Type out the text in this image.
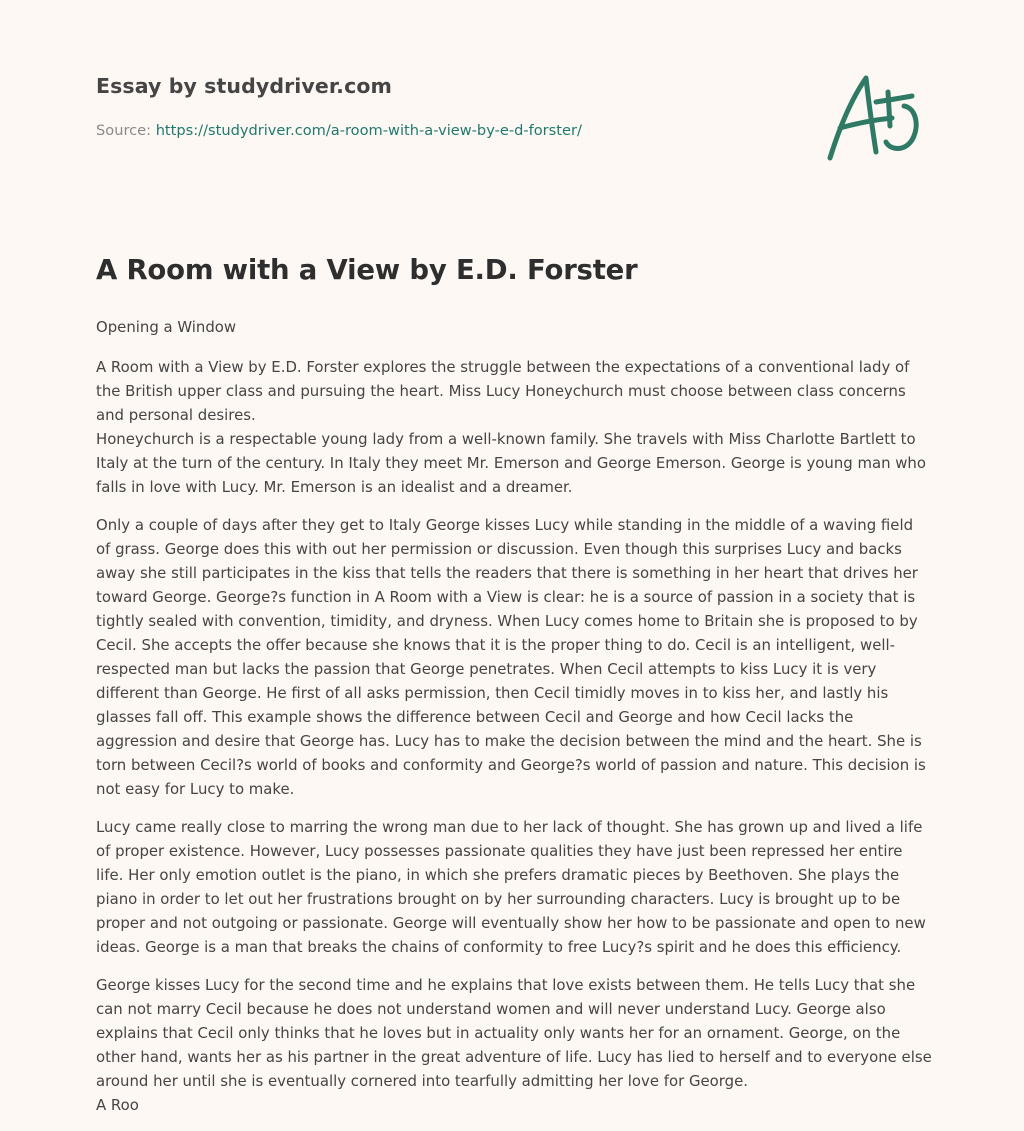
Essay by studydriver.com
Source: https://studydriver.com/a-room-with-a-view-by-e-d-forster/
A Room with a View by E.D. Forster

Opening a Window

A Room with a View by E.D. Forster explores the struggle between the expectations of a conventional lady of the British upper class and pursuing the heart. Miss Lucy Honeychurch must choose between class concerns and personal desires.
Honeychurch is a respectable young lady from a well-known family. She travels with Miss Charlotte Bartlett to Italy at the turn of the century. In Italy they meet Mr. Emerson and George Emerson. George is young man who falls in love with Lucy. Mr. Emerson is an idealist and a dreamer.

Only a couple of days after they get to Italy George kisses Lucy while standing in the middle of a waving field of grass. George does this with out her permission or discussion. Even though this surprises Lucy and backs away she still participates in the kiss that tells the readers that there is something in her heart that drives her toward George. George?s function in A Room with a View is clear: he is a source of passion in a society that is tightly sealed with convention, timidity, and dryness. When Lucy comes home to Britain she is proposed to by Cecil. She accepts the offer because she knows that it is the proper thing to do. Cecil is an intelligent, well-respected man but lacks the passion that George penetrates. When Cecil attempts to kiss Lucy it is very different than George. He first of all asks permission, then Cecil timidly moves in to kiss her, and lastly his glasses fall off. This example shows the difference between Cecil and George and how Cecil lacks the aggression and desire that George has. Lucy has to make the decision between the mind and the heart. She is torn between Cecil?s world of books and conformity and George?s world of passion and nature. This decision is not easy for Lucy to make.

Lucy came really close to marring the wrong man due to her lack of thought. She has grown up and lived a life of proper existence. However, Lucy possesses passionate qualities they have just been repressed her entire life. Her only emotion outlet is the piano, in which she prefers dramatic pieces by Beethoven. She plays the piano in order to let out her frustrations brought on by her surrounding characters. Lucy is brought up to be proper and not outgoing or passionate. George will eventually show her how to be passionate and open to new ideas. George is a man that breaks the chains of conformity to free Lucy?s spirit and he does this efficiency.

George kisses Lucy for the second time and he explains that love exists between them. He tells Lucy that she can not marry Cecil because he does not understand women and will never understand Lucy. George also explains that Cecil only thinks that he loves but in actuality only wants her for an ornament. George, on the other hand, wants her as his partner in the great adventure of life. Lucy has lied to herself and to everyone else around her until she is eventually cornered into tearfully admitting her love for George.
A Roo
